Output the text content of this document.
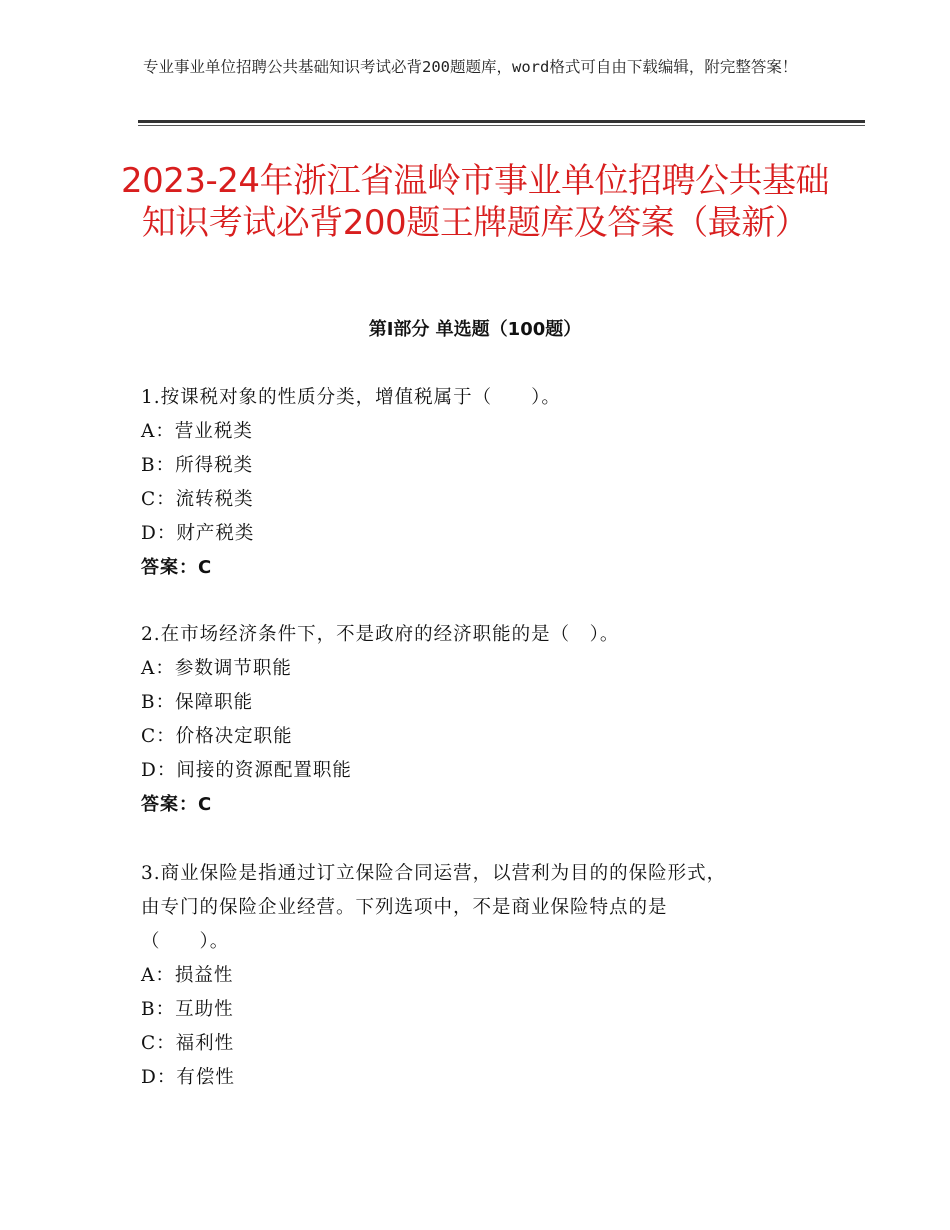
专业事业单位招聘公共基础知识考试必背200题题库，word格式可自由下载编辑，附完整答案！
2023-24年浙江省温岭市事业单位招聘公共基础知识考试必背200题王牌题库及答案（最新）
第Ⅰ部分 单选题（100题）
1.按课税对象的性质分类，增值税属于（　　）。
A：营业税类
B：所得税类
C：流转税类
D：财产税类
答案：C
2.在市场经济条件下，不是政府的经济职能的是（　）。
A：参数调节职能
B：保障职能
C：价格决定职能
D：间接的资源配置职能
答案：C
3.商业保险是指通过订立保险合同运营，以营利为目的的保险形式，
由专门的保险企业经营。下列选项中，不是商业保险特点的是
（　　）。
A：损益性
B：互助性
C：福利性
D：有偿性
